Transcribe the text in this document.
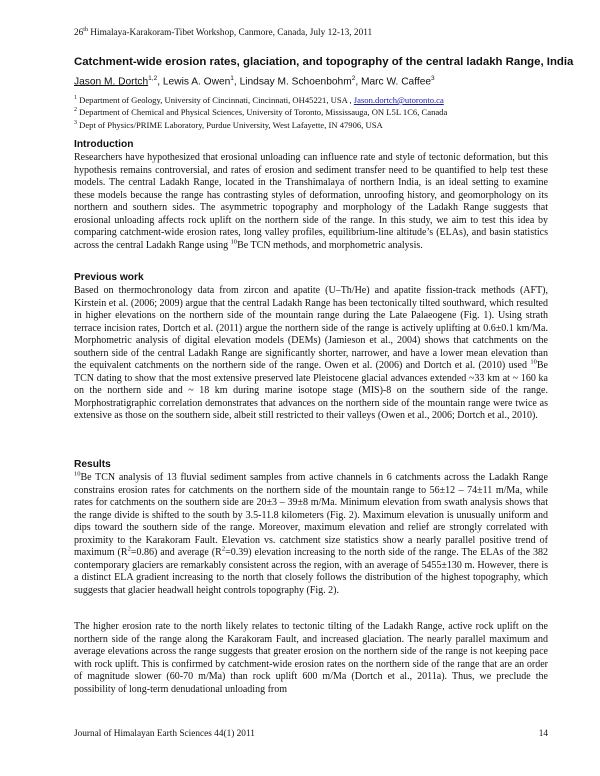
26th Himalaya-Karakoram-Tibet Workshop, Canmore, Canada, July 12-13, 2011
Catchment-wide erosion rates, glaciation, and topography of the central ladakh Range, India
Jason M. Dortch$^{1,2}$, Lewis A. Owen$^1$, Lindsay M. Schoenbohm$^2$, Marc W. Caffee$^3$
$^1$ Department of Geology, University of Cincinnati, Cincinnati, OH45221, USA , Jason.dortch@utoronto.ca
$^2$ Department of Chemical and Physical Sciences, University of Toronto, Mississauga, ON L5L 1C6, Canada
$^3$ Dept of Physics/PRIME Laboratory, Purdue University, West Lafayette, IN 47906, USA
Introduction
Researchers have hypothesized that erosional unloading can influence rate and style of tectonic deformation, but this hypothesis remains controversial, and rates of erosion and sediment transfer need to be quantified to help test these models. The central Ladakh Range, located in the Transhimalaya of northern India, is an ideal setting to examine these models because the range has contrasting styles of deformation, unroofing history, and geomorphology on its northern and southern sides. The asymmetric topography and morphology of the Ladakh Range suggests that erosional unloading affects rock uplift on the northern side of the range. In this study, we aim to test this idea by comparing catchment-wide erosion rates, long valley profiles, equilibrium-line altitude’s (ELAs), and basin statistics across the central Ladakh Range using $^{10}$Be TCN methods, and morphometric analysis.
Previous work
Based on thermochronology data from zircon and apatite (U–Th/He) and apatite fission-track methods (AFT), Kirstein et al. (2006; 2009) argue that the central Ladakh Range has been tectonically tilted southward, which resulted in higher elevations on the northern side of the mountain range during the Late Palaeogene (Fig. 1). Using strath terrace incision rates, Dortch et al. (2011) argue the northern side of the range is actively uplifting at 0.6±0.1 km/Ma. Morphometric analysis of digital elevation models (DEMs) (Jamieson et al., 2004) shows that catchments on the southern side of the central Ladakh Range are significantly shorter, narrower, and have a lower mean elevation than the equivalent catchments on the northern side of the range. Owen et al. (2006) and Dortch et al. (2010) used $^{10}$Be TCN dating to show that the most extensive preserved late Pleistocene glacial advances extended ~33 km at ~ 160 ka on the northern side and ~ 18 km during marine isotope stage (MIS)-8 on the southern side of the range. Morphostratigraphic correlation demonstrates that advances on the northern side of the mountain range were twice as extensive as those on the southern side, albeit still restricted to their valleys (Owen et al., 2006; Dortch et al., 2010).
Results
$^{10}$Be TCN analysis of 13 fluvial sediment samples from active channels in 6 catchments across the Ladakh Range constrains erosion rates for catchments on the northern side of the mountain range to 56±12 – 74±11 m/Ma, while rates for catchments on the southern side are 20±3 – 39±8 m/Ma. Minimum elevation from swath analysis shows that the range divide is shifted to the south by 3.5-11.8 kilometers (Fig. 2). Maximum elevation is unusually uniform and dips toward the southern side of the range. Moreover, maximum elevation and relief are strongly correlated with proximity to the Karakoram Fault. Elevation vs. catchment size statistics show a nearly parallel positive trend of maximum $(R^2=0.86)$ and average $(R^2=0.39)$ elevation increasing to the north side of the range. The ELAs of the 382 contemporary glaciers are remarkably consistent across the region, with an average of 5455±130 m. However, there is a distinct ELA gradient increasing to the north that closely follows the distribution of the highest topography, which suggests that glacier headwall height controls topography (Fig. 2).
The higher erosion rate to the north likely relates to tectonic tilting of the Ladakh Range, active rock uplift on the northern side of the range along the Karakoram Fault, and increased glaciation. The nearly parallel maximum and average elevations across the range suggests that greater erosion on the northern side of the range is not keeping pace with rock uplift. This is confirmed by catchment-wide erosion rates on the northern side of the range that are an order of magnitude slower (60-70 m/Ma) than rock uplift 600 m/Ma (Dortch et al., 2011a). Thus, we preclude the possibility of long-term denudational unloading from
Journal of Himalayan Earth Sciences 44(1) 2011	14
